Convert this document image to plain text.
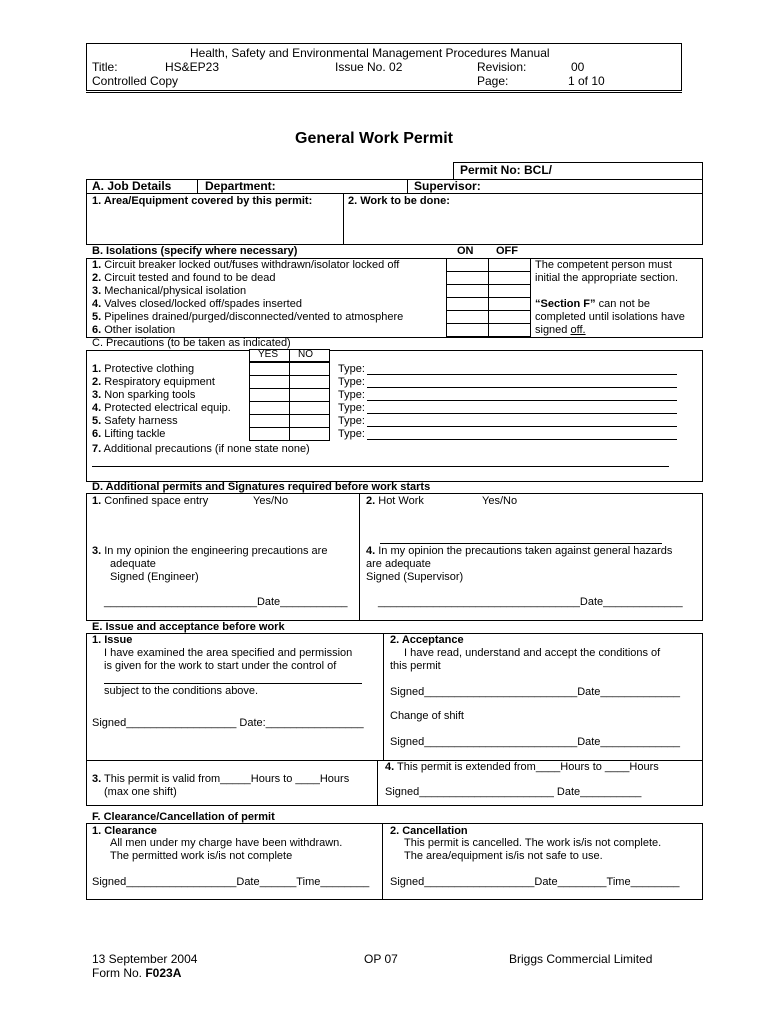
Health, Safety and Environmental Management Procedures Manual
Title:	HS&EP23	Issue No. 02	Revision:	00
Controlled Copy	Page:	1 of 10
General Work Permit
Permit No: BCL/
A. Job Details	Department:	Supervisor:
1. Area/Equipment covered by this permit:	2. Work to be done:
B. Isolations (specify where necessary)	ON OFF
1. Circuit breaker locked out/fuses withdrawn/isolator locked off
2. Circuit tested and found to be dead
3. Mechanical/physical isolation
4. Valves closed/locked off/spades inserted
5. Pipelines drained/purged/disconnected/vented to atmosphere
6. Other isolation
The competent person must
initial the appropriate section.
“Section F” can not be
completed until isolations have
signed off.
C. Precautions (to be taken as indicated)
YES NO
1. Protective clothing	Type:
2. Respiratory equipment	Type:
3. Non sparking tools	Type:
4. Protected electrical equip.	Type:
5. Safety harness	Type:
6. Lifting tackle	Type:
7. Additional precautions (if none state none)
D. Additional permits and Signatures required before work starts
1. Confined space entry	Yes/No	2. Hot Work	Yes/No
3. In my opinion the engineering precautions are
adequate
Signed (Engineer)
4. In my opinion the precautions taken against general hazards
are adequate
Signed (Supervisor)
_________________________Date___________	_________________________________Date_____________
E. Issue and acceptance before work
1. Issue
I have examined the area specified and permission
is given for the work to start under the control of
subject to the conditions above.
Signed__________________ Date:________________
2. Acceptance
I have read, understand and accept the conditions of
this permit
Signed_________________________Date_____________
Change of shift
Signed_________________________Date_____________
3. This permit is valid from_____Hours to ____Hours
(max one shift)
4. This permit is extended from____Hours to ____Hours
Signed______________________ Date__________
F. Clearance/Cancellation of permit
1. Clearance
All men under my charge have been withdrawn.
The permitted work is/is not complete
Signed__________________Date______Time________
2. Cancellation
This permit is cancelled. The work is/is not complete.
The area/equipment is/is not safe to use.
Signed__________________Date________Time________
13 September 2004	OP 07	Briggs Commercial Limited
Form No. F023A
